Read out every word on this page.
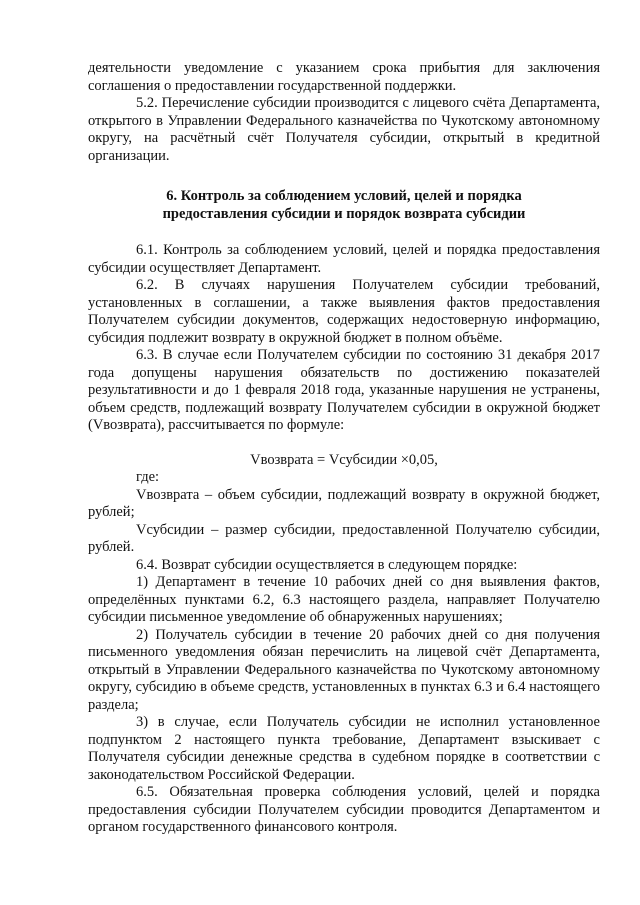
деятельности уведомление с указанием срока прибытия для заключения соглашения о предоставлении государственной поддержки.

5.2. Перечисление субсидии производится с лицевого счёта Департамента, открытого в Управлении Федерального казначейства по Чукотскому автономному округу, на расчётный счёт Получателя субсидии, открытый в кредитной организации.

6. Контроль за соблюдением условий, целей и порядка
предоставления субсидии и порядок возврата субсидии

6.1. Контроль за соблюдением условий, целей и порядка предоставления субсидии осуществляет Департамент.

6.2. В случаях нарушения Получателем субсидии требований, установленных в соглашении, а также выявления фактов предоставления Получателем субсидии документов, содержащих недостоверную информацию, субсидия подлежит возврату в окружной бюджет в полном объёме.

6.3. В случае если Получателем субсидии по состоянию 31 декабря 2017 года допущены нарушения обязательств по достижению показателей результативности и до 1 февраля 2018 года, указанные нарушения не устранены, объем средств, подлежащий возврату Получателем субсидии в окружной бюджет (Vвозврата), рассчитывается по формуле:

Vвозврата = Vсубсидии ×0,05,

где:

Vвозврата – объем субсидии, подлежащий возврату в окружной бюджет, рублей;

Vсубсидии – размер субсидии, предоставленной Получателю субсидии, рублей.

6.4. Возврат субсидии осуществляется в следующем порядке:

1) Департамент в течение 10 рабочих дней со дня выявления фактов, определённых пунктами 6.2, 6.3 настоящего раздела, направляет Получателю субсидии письменное уведомление об обнаруженных нарушениях;

2) Получатель субсидии в течение 20 рабочих дней со дня получения письменного уведомления обязан перечислить на лицевой счёт Департамента, открытый в Управлении Федерального казначейства по Чукотскому автономному округу, субсидию в объеме средств, установленных в пунктах 6.3 и 6.4 настоящего раздела;

3) в случае, если Получатель субсидии не исполнил установленное подпунктом 2 настоящего пункта требование, Департамент взыскивает с Получателя субсидии денежные средства в судебном порядке в соответствии с законодательством Российской Федерации.

6.5. Обязательная проверка соблюдения условий, целей и порядка предоставления субсидии Получателем субсидии проводится Департаментом и органом государственного финансового контроля.
